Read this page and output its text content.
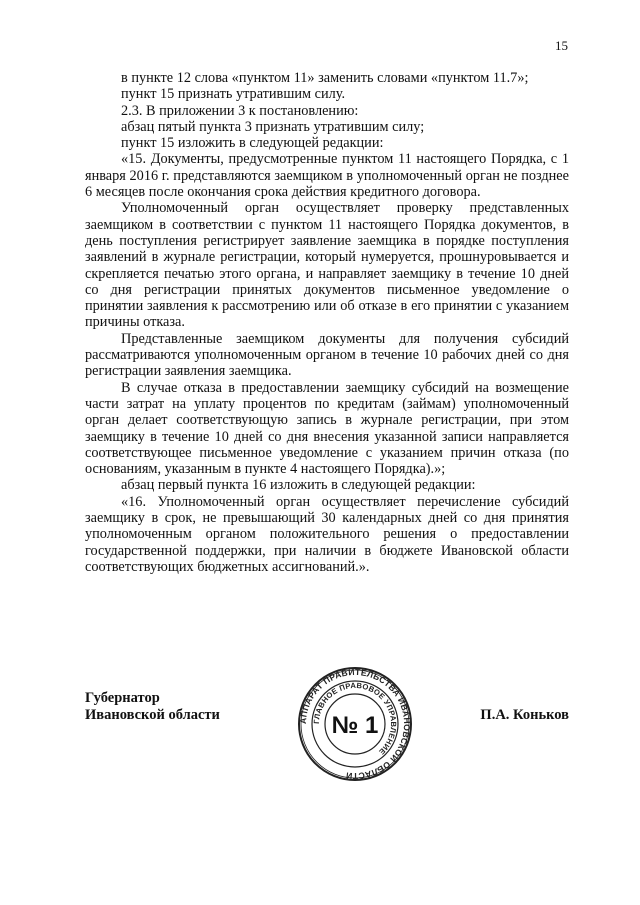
15

в пункте 12 слова «пунктом 11» заменить словами «пунктом 11.7»;

пункт 15 признать утратившим силу.

2.3. В приложении 3 к постановлению:

абзац пятый пункта 3 признать утратившим силу;

пункт 15 изложить в следующей редакции:

«15. Документы, предусмотренные пунктом 11 настоящего Порядка, с 1 января 2016 г. представляются заемщиком в уполномоченный орган не позднее 6 месяцев после окончания срока действия кредитного договора.

Уполномоченный орган осуществляет проверку представленных заемщиком в соответствии с пунктом 11 настоящего Порядка документов, в день поступления регистрирует заявление заемщика в порядке поступления заявлений в журнале регистрации, который нумеруется, прошнуровывается и скрепляется печатью этого органа, и направляет заемщику в течение 10 дней со дня регистрации принятых документов письменное уведомление о принятии заявления к рассмотрению или об отказе в его принятии с указанием причины отказа.

Представленные заемщиком документы для получения субсидий рассматриваются уполномоченным органом в течение 10 рабочих дней со дня регистрации заявления заемщика.

В случае отказа в предоставлении заемщику субсидий на возмещение части затрат на уплату процентов по кредитам (займам) уполномоченный орган делает соответствующую запись в журнале регистрации, при этом заемщику в течение 10 дней со дня внесения указанной записи направляется соответствующее письменное уведомление с указанием причин отказа (по основаниям, указанным в пункте 4 настоящего Порядка).»;

абзац первый пункта 16 изложить в следующей редакции:

«16. Уполномоченный орган осуществляет перечисление субсидий заемщику в срок, не превышающий 30 календарных дней со дня принятия уполномоченным органом положительного решения о предоставлении государственной поддержки, при наличии в бюджете Ивановской области соответствующих бюджетных ассигнований.».

Губернатор
Ивановской области	П.А. Коньков
АППАРАТ ПРАВИТЕЛЬСТВА ИВАНОВСКОЙ ОБЛАСТИ
ГЛАВНОЕ ПРАВОВОЕ УПРАВЛЕНИЕ
№ 1
